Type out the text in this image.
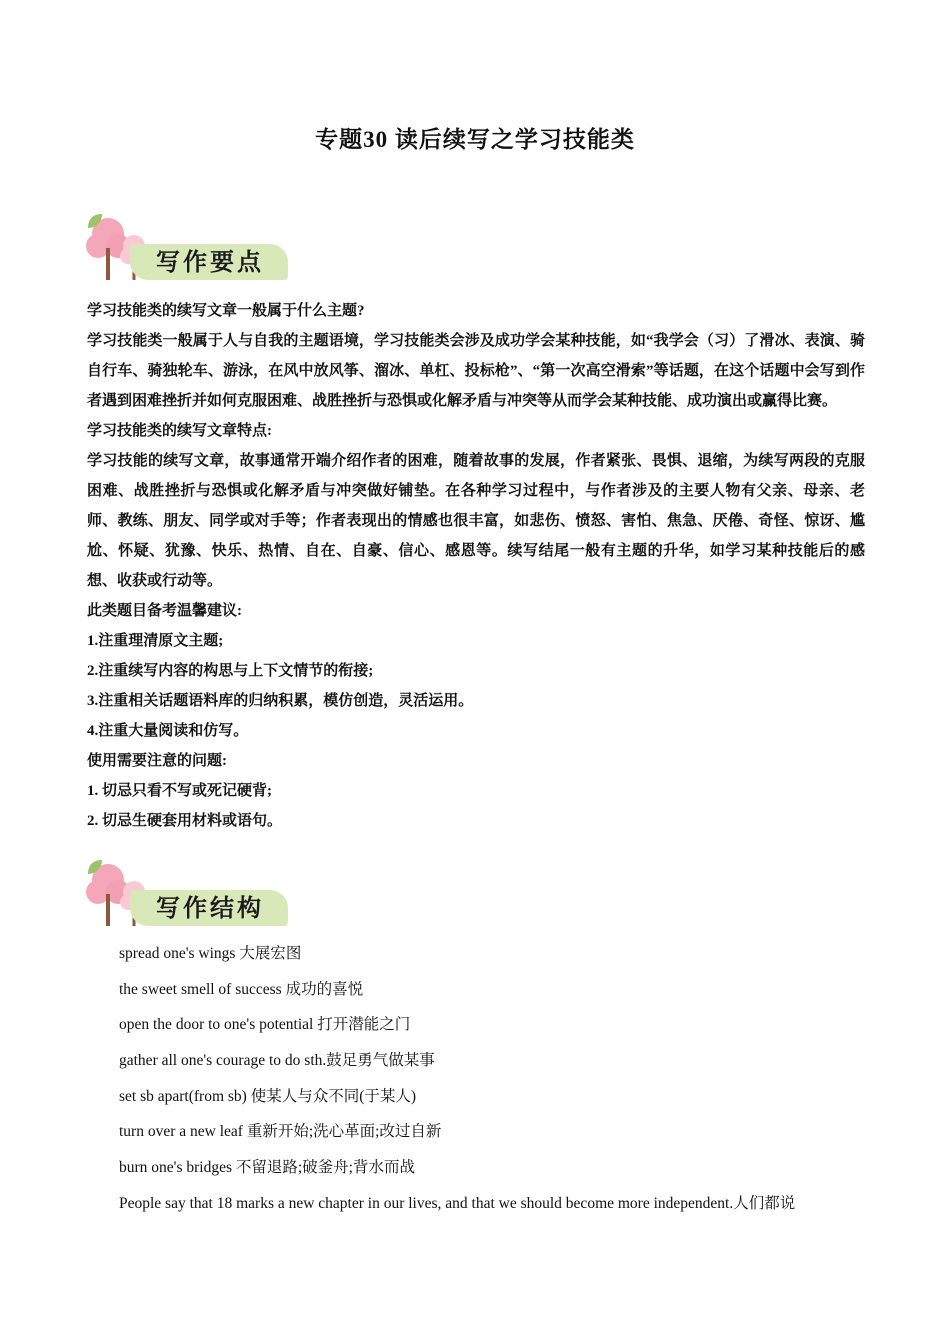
专题30 读后续写之学习技能类
写作要点

学习技能类的续写文章一般属于什么主题?

学习技能类一般属于人与自我的主题语境，学习技能类会涉及成功学会某种技能，如“我学会（习）了滑冰、表演、骑自行车、骑独轮车、游泳，在风中放风筝、溜冰、单杠、投标枪”、“第一次高空滑索”等话题，在这个话题中会写到作者遇到困难挫折并如何克服困难、战胜挫折与恐惧或化解矛盾与冲突等从而学会某种技能、成功演出或赢得比赛。

学习技能类的续写文章特点:

学习技能的续写文章，故事通常开端介绍作者的困难，随着故事的发展，作者紧张、畏惧、退缩，为续写两段的克服困难、战胜挫折与恐惧或化解矛盾与冲突做好铺垫。在各种学习过程中，与作者涉及的主要人物有父亲、母亲、老师、教练、朋友、同学或对手等；作者表现出的情感也很丰富，如悲伤、愤怒、害怕、焦急、厌倦、奇怪、惊讶、尴尬、怀疑、犹豫、快乐、热情、自在、自豪、信心、感恩等。续写结尾一般有主题的升华，如学习某种技能后的感想、收获或行动等。

此类题目备考温馨建议:

1.注重理清原文主题;

2.注重续写内容的构思与上下文情节的衔接;

3.注重相关话题语料库的归纳积累，模仿创造，灵活运用。

4.注重大量阅读和仿写。

使用需要注意的问题:

1. 切忌只看不写或死记硬背;

2. 切忌生硬套用材料或语句。

写作结构

spread one's wings 大展宏图

the sweet smell of success 成功的喜悦

open the door to one's potential 打开潜能之门

gather all one's courage to do sth.鼓足勇气做某事

set sb apart(from sb) 使某人与众不同(于某人)

turn over a new leaf 重新开始;洗心革面;改过自新

burn one's bridges 不留退路;破釜舟;背水而战

People say that 18 marks a new chapter in our lives, and that we should become more independent.人们都说
